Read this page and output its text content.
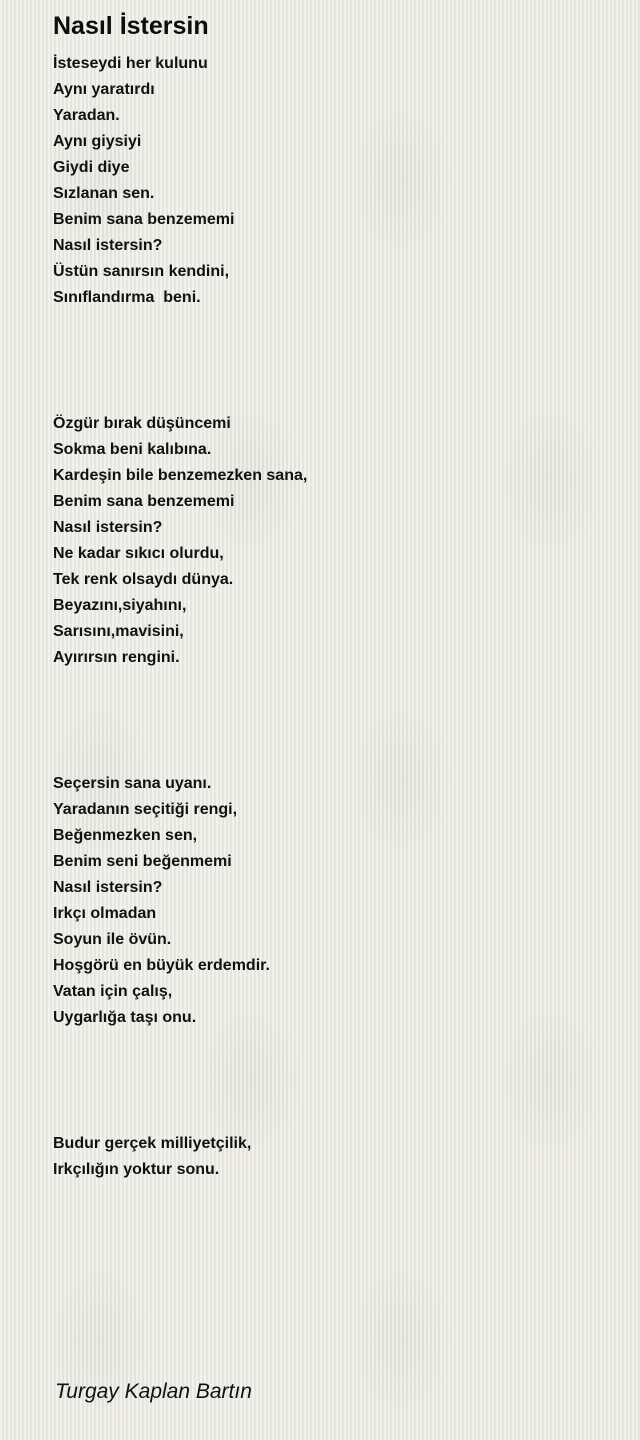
Nasıl İstersin
İsteseydi her kulunu
Aynı yaratırdı
Yaradan.
Aynı giysiyi
Giydi diye
Sızlanan sen.
Benim sana benzememi
Nasıl istersin?
Üstün sanırsın kendini,
Sınıflandırma  beni.
Özgür bırak düşüncemi
Sokma beni kalıbına.
Kardeşin bile benzemezken sana,
Benim sana benzememi
Nasıl istersin?
Ne kadar sıkıcı olurdu,
Tek renk olsaydı dünya.
Beyazını,siyahını,
Sarısını,mavisini,
Ayırırsın rengini.
Seçersin sana uyanı.
Yaradanın seçitiği rengi,
Beğenmezken sen,
Benim seni beğenmemi
Nasıl istersin?
Irkçı olmadan
Soyun ile övün.
Hoşgörü en büyük erdemdir.
Vatan için çalış,
Uygarlığa taşı onu.
Budur gerçek milliyetçilik,
Irkçılığın yoktur sonu.

Turgay Kaplan Bartın
